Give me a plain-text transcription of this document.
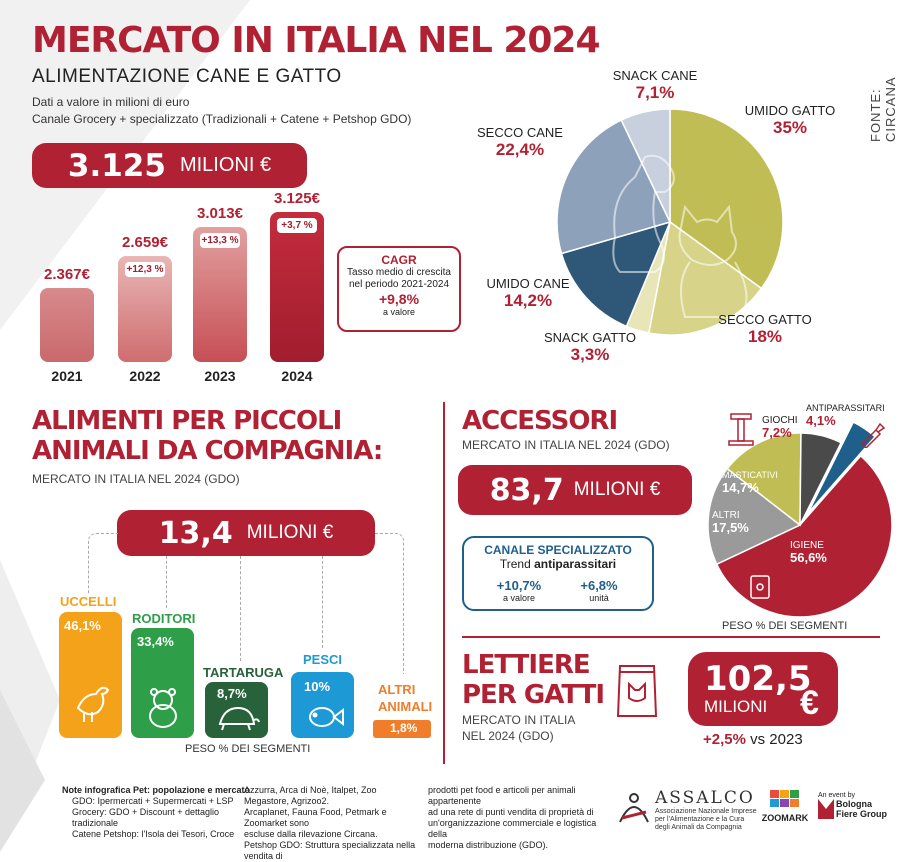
MERCATO IN ITALIA NEL 2024
ALIMENTAZIONE CANE E GATTO
Dati a valore in milioni di euro
Canale Grocery + specializzato (Tradizionali + Catene + Petshop GDO)	FONTE: CIRCANA
3.125 MILIONI €
2.367€
2021
2.659€
+12,3 %
2022
3.013€
+13,3 %
2023
3.125€
+3,7 %
2024
CAGR
Tasso medio di crescita nel periodo 2021-2024
+9,8%
a valore
UMIDO GATTO
35%
SECCO GATTO
18%
SNACK GATTO
3,3%
UMIDO CANE
14,2%
SECCO CANE
22,4%
SNACK CANE
7,1%
ALIMENTI PER PICCOLI
ANIMALI DA COMPAGNIA:
MERCATO IN ITALIA NEL 2024 (GDO)
13,4 MILIONI €
UCCELLI
46,1% RODITORI
33,4%
TARTARUGA
8,7%
PESCI
10%	ALTRI ANIMALI
1,8%
PESO % DEI SEGMENTI
ACCESSORI
MERCATO IN ITALIA NEL 2024 (GDO)
83,7 MILIONI €
CANALE SPECIALIZZATO
Trend antiparassitari
+10,7%
a valore
+6,8%
unità
IGIENE
56,6%
ALTRI
17,5%
MASTICATIVI
14,7%
GIOCHI
7,2%
ANTIPARASSITARI
4,1%
PESO % DEI SEGMENTI
LETTIERE
PER GATTI
MERCATO IN ITALIA
NEL 2024 (GDO)
102,5
MILIONI €
+2,5% vs 2023
Note infografica Pet: popolazione e mercato
GDO: Ipermercati + Supermercati + LSP
Grocery: GDO + Discount + dettaglio tradizionale
Catene Petshop: l'Isola dei Tesori, Croce
Azzurra, Arca di Noè, Italpet, Zoo Megastore, Agrizoo2.
Arcaplanet, Fauna Food, Petmark e Zoomarket sono
escluse dalla rilevazione Circana.
Petshop GDO: Struttura specializzata nella vendita di
prodotti pet food e articoli per animali appartenente
ad una rete di punti vendita di proprietà di
un'organizzazione commerciale e logistica della
moderna distribuzione (GDO).
ASSALCO
Associazione Nazionale Imprese
per l'Alimentazione e la Cura
degli Animali da Compagnia
ZOOMARK
An event by
Bologna
Fiere Group
